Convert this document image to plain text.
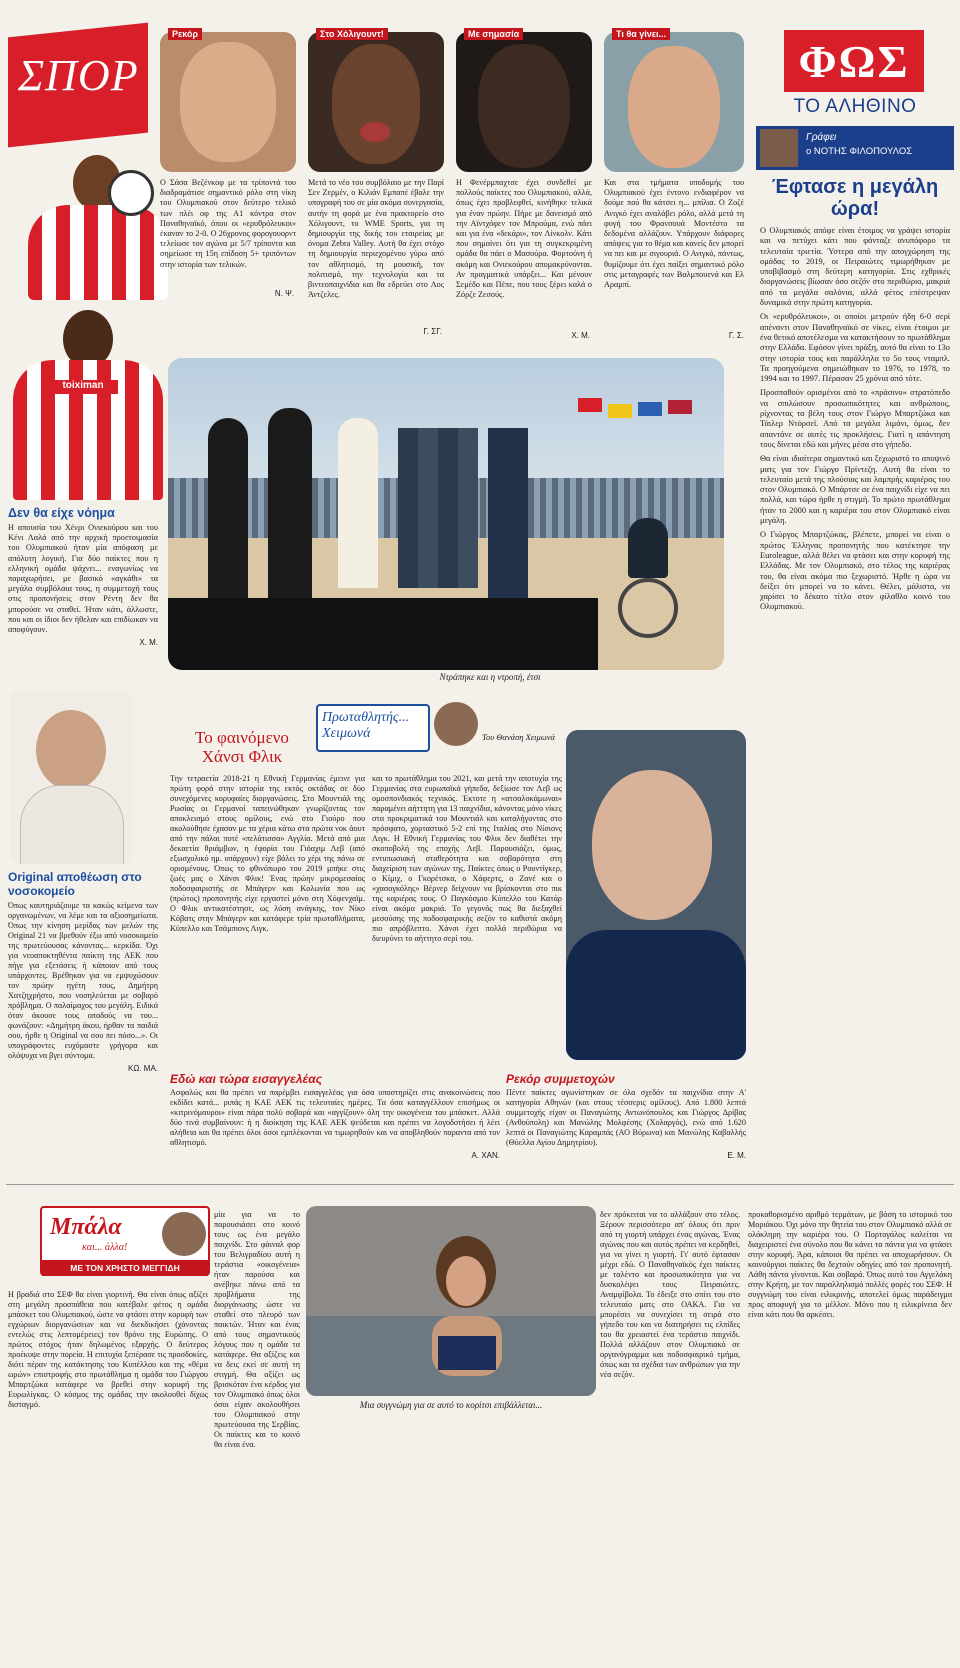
ΣΠΟΡ
toiximan
Ρεκόρ
Ο Σάσα Βεζένκοφ με τα τρίποντά του διαδραμάτισε σημαντικό ρόλο στη νίκη του Ολυμπιακού στον δεύτερο τελικό των πλέι οφ της Α1 κόντρα στον Παναθηναϊκό, όπου οι «ερυθρόλευκοι» έκαναν το 2-0. Ο 26χρονος φορογουορντ τελείωσε τον αγώνα με 5/7 τρίποντα και σημείωσε τη 15η επίδοση 5+ τριπόντων στην ιστορία των τελικών.
Ν. Ψ.
Στο Χόλιγουντ!
Μετά το νέο του συμβόλαιο με την Παρί Σεν Ζερμέν, ο Κιλιάν Εμπαπέ έβαλε την υπογραφή του σε μία ακόμα συνεργασία, αυτήν τη φορά με ένα πρακτορείο στο Χόλιγουντ, το WME Sports, για τη δημιουργία της δικής του εταιρείας με όνομα Zebra Valley. Αυτή θα έχει στόχο τη δημιουργία περιεχομένου γύρω από τον αθλητισμό, τη μουσική, τον πολιτισμό, την τεχνολογία και τα βιντεοπαιχνίδια και θα εδρεύει στο Λος Άντζελες.
Γ. ΣΓ.
Με σημασία
Η Φενέρμπαχτσε έχει συνδεθεί με πολλούς παίκτες του Ολυμπιακού, αλλά, όπως έχει προβλεφθεί, κινήθηκε τελικά για έναν πρώην. Πήρε με δανεισμό από την Αϊντχόφεν τον Μπρούμα, ενώ πάει και για ένα «δεκάρι», τον Λίνκολν. Κάτι που σημαίνει ότι για τη συγκεκριμένη ομάδα θα πάει ο Μασούρα. Φορτούνη ή ακόμη και Ονιεκούρου απομακρύνονται. Αν πραγματικά υπάρξει... Και μένουν Σεμέδο και Πέπε, που τους ξέρει καλά ο Ζόρζε Ζεσούς.
Χ. Μ.
Τι θα γίνει...
Και στα τμήματα υποδομής του Ολυμπιακού έχει έντονο ενδιαφέρον να δούμε πού θα κάτσει η... μπίλια. Ο Ζοζέ Ανιγκό έχει αναλάβει ρόλο, αλλά μετά τη φυγή του Φρανσουά Μοντέστο τα δεδομένα αλλάζουν. Υπάρχουν διάφορες απόψεις για το θέμα και κανείς δεν μπορεί να πει και με σιγουριά. Ο Ανιγκό, πάντως, θυμίζουμε ότι έχει παίξει σημαντικό ρόλο στις μεταγραφές των Βαλμπουενά και Ελ Αραμπί.
Γ. Σ.
ΦΩΣ
ΤΟ ΑΛΗΘΙΝΟ
Γράφει
ο ΝΟΤΗΣ ΦΙΛΟΠΟΥΛΟΣ
Έφτασε η μεγάλη ώρα!

Ο Ολυμπιακός απόφε είναι έτοιμος να γράψει ιστορία και να πετύχει κάτι που φάνταζε ανυπόφορο τα τελευταία τριετία. Ύστερα από την απογχώρηση της ομάδας το 2019, οι Πειραιώτες τιμωρήθηκαν με υποβιβασμό στη δεύτερη κατηγορία. Στις εχθρικές διοργανώσεις βίωσαν όσο σεζόν στο περιθώριο, μακριά από τα μεγάλα σαλόνια, αλλά φέτος επέστρεψαν δυναμικά στην πρώτη κατηγορία.

Οι «ερυθρόλευκοι», οι οποίοι μετρούν ήδη 6-0 σερί απέναντι στον Παναθηναϊκό σε νίκες, είναι έτοιμοι με ένα θετικό αποτέλεσμα να κατακτήσουν το πρωτάθλημα στην Ελλάδα. Εφόσον γίνει πράξη, αυτό θα είναι το 13ο στην ιστορία τους και παράλληλα το 5ο τους νταμπλ. Τα προηγούμενα σημειώθηκαν το 1976, το 1978, το 1994 και το 1997. Πέρασαν 25 χρόνια από τότε.

Προσπαθούν ορισμένοι από το «πράσινο» στρατόπεδο να σπιλώσουν προσωπικότητες και ανθρώπους, ρίχνοντας τα βέλη τους στον Γιώργο Μπαρτζώκα και Τάιλερ Ντόρσεϊ. Από τα μεγάλα λιμάνι, όμως, δεν απαντάνε σε αυτές τις προκλήσεις. Γιατί η απάντηση τους δίνεται εδώ και μήνες μέσα στο γήπεδο.

Θα είναι ιδιαίτερα σημαντικό και ξεχωριστό το αποψινό ματς για τον Γιώργο Πρίντεζη. Αυτή θα είναι το τελευταίο μετά της πλούσιας και λαμπρής καριέρας του στον Ολυμπιακό. Ο Μπάρτσε σε ένα παιχνίδι είχε να πει πολλά, και τώρα ήρθε η στιγμή. Το πρώτο πρωτάθλημα ήταν το 2000 και η καριέρα του στον Ολυμπιακό είναι μεγάλη.

Ο Γιώργος Μπαρτζώκας, βλέπετε, μπορεί να είναι ο πρώτος Έλληνας προπονητής που κατέκτησε την Euroleague, αλλά θέλει να φτάσει και στην κορυφή της Ελλάδας. Με τον Ολυμπιακό, στο τέλος της καριέρας του, θα είναι ακόμα πιο ξεχωριστό. Ήρθε η ώρα να δείξει ότι μπορεί να το κάνει. Θέλει, μάλιστα, να χαρίσει το δέκατο τίτλο στον φίλαθλο κοινό του Ολυμπιακού.

Δεν θα είχε νόημα
Η απουσία του Χένρι Ονιεκούρου και του Κένι Λαλά από την αρχική προετοιμασία του Ολυμπιακού ήταν μία απόφαση με απόλυτη λογική. Για δύο παίκτες που η ελληνική ομάδα ψάχνει... εναγωνίως να παραχωρήσει, με βασικό «αγκάθι» τα μεγάλα συμβόλαια τους, η συμμετοχή τους στις προπονήσεις στον Ρέντη δεν θα μπορούσε να σταθεί. Ήταν κάτι, άλλωστε, που και οι ίδιοι δεν ήθελαν και επιδίωκαν να αποφύγουν.
Χ. Μ.
Ντράπηκε και η ντροπή, έτσι
Original αποθέωση στο νοσοκομείο
Όπως καυτηριάζουμε τα κακώς κείμενα των οργανωμένων, να λέμε και τα αξιοσημείωτα. Όπως την κίνηση μερίδας των μελών της Original 21 να βρεθούν έξω από νοσοκομείο της πρωτεύουσας κάνοντας... κερκίδα. Όχι για νεοαποκτηθέντα παίκτη της ΑΕΚ που πήγε για εξετάσεις ή κάποιον από τους υπάρχοντες. Βρέθηκαν για να εμψυχώσουν τον πρώην ηγέτη τους, Δημήτρη Χατζηχρήστο, που νοσηλεύεται με σοβαρό πρόβλημα. Ο παλαίμαχος του μεγάλη. Ειδικά όταν άκουσε τους οπαδούς να του... φωνάζουν: «Δημήτρη άκου, ήρθαν τα παιδιά σου, ήρθε η Original να σου πει πόσο...». Οι υπογράφοντες ευχόμαστε γρήγορα και ολόψυχα να βγει σύντομα.
ΚΩ. ΜΑ.
Το φαινόμενο Χάνσι Φλικ
Πρωταθλητής... Χειμωνά	Του Θανάση Χειμωνά
Την τετραετία 2018-21 η Εθνική Γερμανίας έμεινε για πρώτη φορά στην ιστορία της εκτός οκτάδας σε δύο συνεχόμενες κορυφαίες διοργανώσεις. Στο Μουντιάλ της Ρωσίας οι Γερμανοί ταπεινώθηκαν γνωρίζοντας τον αποκλεισμό στους ομίλους, ενώ στο Γιούρο που ακολούθησε έχασαν με τα χέρια κάτω στα πρώτα νοκ άουτ από την πάλαι ποτέ «πελάτισσα» Αγγλία. Μετά από μια δεκαετία θριάμβων, η έφορία του Γιόαχιμ Λεβ (από εξωσχολικό ημ. υπάρχουν) είχε βάλει το χέρι της πάνω σε ορισμένους. Όπως το φθινόπωρο του 2019 μπήκε στις ζωές μας ο Χάνσι Φλικ! Ένας πρώην μικρομεσαίος ποδοσφαιριστής σε Μπάγερν και Κολωνία που ως (πρώτος) προπονητής είχε εργαστεί μόνο στη Χόφενχαϊμ. Ο Φλικ αντικατέστησε, ως λύση ανάγκης, τον Νίκο Κόβατς στην Μπάγερν και κατάφερε τρία πρωταθλήματα, Κύπελλο και Τσάμπιονς Λιγκ.
και το πρωτάθλημα του 2021, και μετά την αποτυχία της Γερμανίας στα ευρωπαϊκά γήπεδα, δεξίωσε τον Λεβ ως ομοσπονδιακός τεχνικός. Έκτοτε η «ατσαλοκάμωναι» παραμένει αήττητη για 13 παιχνίδια, κάνοντας μόνο νίκες στα προκριματικά του Μουντιάλ και καταλήγοντας στο πρόσφατο, χορταστικό 5-2 επί της Ιταλίας στο Νίσιονς Λιγκ. Η Εθνική Γερμανίας του Φλικ δεν διαθέτει την σκοποβολή της εποχής Λεβ. Παρουσιάζει, όμως, εντυπωσιακή σταθερότητα και σοβαρότητα στη διαχείριση των αγώνων της. Παίκτες όπως ο Ρουντίγκερ, ο Κίμιχ, ο Γκορέτσκα, ο Χάφερτς, ο Ζανέ και ο «χασογκόλης» Βέρνερ δείχνουν να βρίσκονται στο πικ της καριέρας τους. Ο Παγκόσμιο Κύπελλο του Κατάρ είναι ακόμα μακριά. Το γεγονός πως θα διεξαχθεί μεσούσης της ποδοσφαιρικής σεζόν το καθιστά ακόμη πιο απρόβλεπτο. Χάνσι έχει πολλά περιθώρια να διευρύνει το αήττητο σερί του.
Εδώ και τώρα εισαγγελέας
Ασφαλώς και θα πρέπει να παρέμβει εισαγγελέας για όσα υποστηρίζει στις ανακοινώσεις που εκδίδει κατά... ριπάς η ΚΑΕ ΑΕΚ τις τελευταίες ημέρες. Τα όσα καταγγέλλουν επισήμως οι «κιτρινόμαυροι» είναι πάρα πολύ σοβαρά και «αγγίζουν» όλη την οικογένεια του μπάσκετ. Αλλά δύο τινά συμβαίνουν: ή η διοίκηση της ΚΑΕ ΑΕΚ ψεύδεται και πρέπει να λογοδοτήσει ή λέει αλήθεια και θα πρέπει όλοι όσοι εμπλέκονται να τιμωρηθούν και να αποβληθούν παραντα από τον αθλητισμό.
Α. ΧΑΝ.
Ρεκόρ συμμετοχών
Πέντε παίκτες αγωνίστηκαν σε όλα σχεδόν τα παιχνίδια στην Α' κατηγορία Αθηνών (και στους τέσσερις ομίλους). Από 1.800 λεπτά συμμετοχής είχαν οι Παναγιώτης Αντωνόπουλος και Γιώργος Δρίβας (Ανθούπολη) και Μανώλης Μολφέσης (Χολαργός), ενώ από 1.620 λεπτά οι Παναγιώτης Καραμπάς (ΑΟ Βύρωνα) και Μανώλης Καβαλλής (Θύελλα Αγίου Δημητρίου).
Ε. Μ.
Μπάλα
και... άλλα!
ΜΕ ΤΟΝ ΧΡΗΣΤΟ ΜΕΓΓΙΔΗ
Η βραδιά στο ΣΕΦ θα είναι γιορτινή. Θα είναι όπως αξίζει στη μεγάλη προσπάθεια που κατέβαλε φέτος η ομάδα μπάσκετ του Ολυμπιακού, ώστε να φτάσει στην κορυφή των εγχώριων διοργανώσεων και να διεκδικήσει (χάνοντας εντελώς στις λεπτομέρειες) τον θρόνο της Ευρώπης. Ο πρώτος στόχος ήταν δηλωμένος εξαρχής. Ο δεύτερος προέκυψε στην πορεία. Η επιτυχία ξεπέρασε τις προσδοκίες, διότι πέραν της κατάκτησης του Κυπέλλου και της «θέμα ωρών» επιστροφής στο πρωτάθλημα η ομάδα του Γιώργου Μπαρτζώκα κατάφερε να βρεθεί στην κορυφή της Ευρωλίγκας. Ο κόσμος της ομάδας την ακολουθεί δίχως δισταγμό.
μία για να το παρουσιάσει στο κοινό τους ως ένα μεγάλο παιχνίδι. Στο φάιναλ φορ του Βελιγραδίου αυτή η τεράστια «οικογένεια» ήταν παρούσα και ανέβηκε πάνω από τα προβλήματα της διοργάνωσης ώστε να σταθεί στο πλευρό των παικτών. Ήταν και ένας από τους σημαντικούς λόγους που η ομάδα τα κατάφερε. Θα αξίζεις και να δεις εκεί σε αυτή τη στιγμή. Θα αξίζει ως βρισκόταν ένα κέρδος για τον Ολυμπιακό όπως όλοι όσοι είχαν ακολουθήσει του Ολυμπιακού στην πρωτεύουσα της Σερβίας. Οι παίκτες και το κοινό θα είναι ένα.
Μια συγγνώμη για σε αυτό το κορίτσι επιβάλλεται...
δεν πρόκειται να το αλλάξουν στο τέλος. Ξέρουν περισσότερο απ' όλους ότι πριν από τη γιορτή υπάρχει ένας αγώνας. Ένας αγώνας που και αυτός πρέπει να κερδηθεί, για να γίνει η γιορτή. Γι' αυτό έφτασαν μέχρι εδώ. Ο Παναθηναϊκός έχει παίκτες με ταλέντο και προσωπικότητα για να δυσκολέψει τους Πειραιώτες. Αναμφίβολα. Το έδειξε στο σπίτι του στο τελευταίο ματς στο ΟΑΚΑ. Για να μπορέσει να συνεχίσει τη σειρά στο γήπεδο του και να διατηρήσει τις ελπίδες του θα χρειαστεί ένα τεράστιο παιχνίδι. Πολλά αλλάζουν στον Ολυμπιακό σε οργανόγραμμα και ποδοσφαιρικό τμήμα, όπως και τα σχέδια των ανθρώπων για την νέα σεζόν.
προκαθορισμένο αριθμό τερμάτων, με βάση το ιστορικό του Μοριάκου. Όχι μόνο την θητεία του στον Ολυμπιακό αλλά σε ολόκληρη την καριέρα του. Ο Πορτογάλος καλείται να διαχειριστεί ένα σύνολο που θα κάνει τα πάντα για να φτάσει στην κορυφή. Άρα, κάποιοι θα πρέπει να αποχωρήσουν. Οι καινούργιοι παίκτες θα δεχτούν οδηγίες από τον προπονητή. Λάθη πάντα γίνονται. Και σοβαρά. Όπως αυτό του Αγγελάκη στην Κρήτη, με τον παραλληλισμό πολλές φορές του ΣΕΦ. Η συγγνώμη του είναι ειλικρινής, αποτελεί όμως παράδειγμα προς αποφυγή για το μέλλον. Μόνο που η ειλικρίνεια δεν είναι κάτι που θα αρκέσει.
